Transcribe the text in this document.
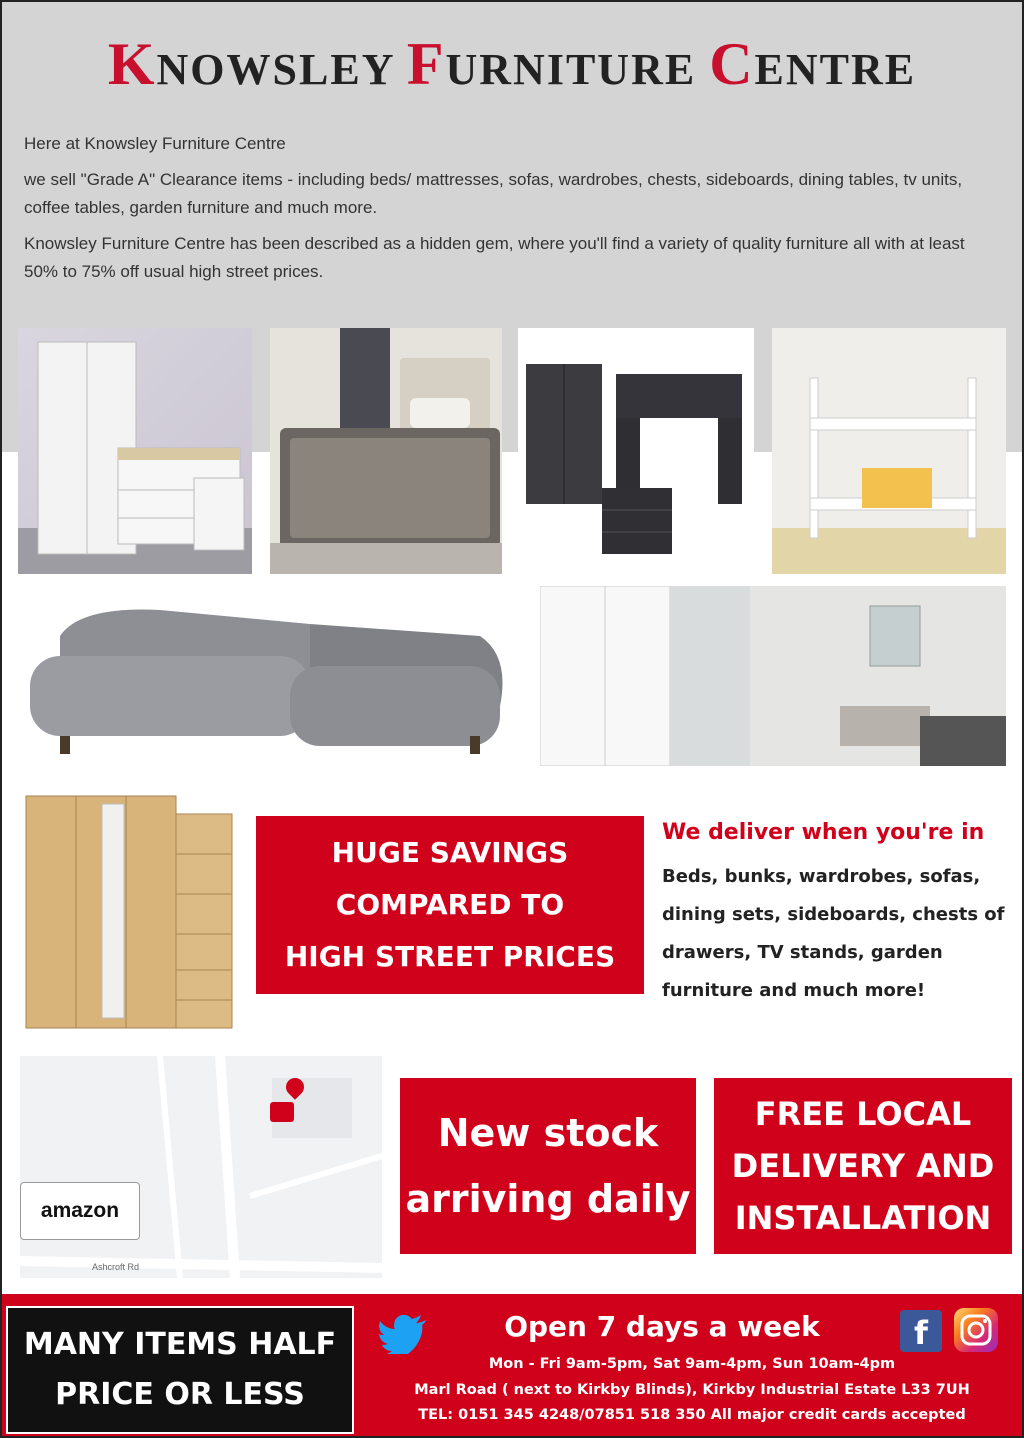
KNOWSLEY FURNITURE CENTRE

Here at Knowsley Furniture Centre

we sell "Grade A" Clearance items - including beds/ mattresses, sofas, wardrobes, chests, sideboards, dining tables, tv units, coffee tables, garden furniture and much more.

Knowsley Furniture Centre has been described as a hidden gem, where you'll find a variety of quality furniture all with at least 50% to 75% off usual high street prices.

HUGE SAVINGS
COMPARED TO
HIGH STREET PRICES
We deliver when you're in
Beds, bunks, wardrobes, sofas, dining sets, sideboards, chests of drawers, TV stands, garden furniture and much more!
amazon
Ashcroft Rd
New stock
arriving daily
FREE LOCAL
DELIVERY AND
INSTALLATION
MANY ITEMS HALF
PRICE OR LESS
Open 7 days a week	f
Mon - Fri 9am-5pm, Sat 9am-4pm, Sun 10am-4pm
Marl Road ( next to Kirkby Blinds), Kirkby Industrial Estate L33 7UH
TEL: 0151 345 4248/07851 518 350 All major credit cards accepted
